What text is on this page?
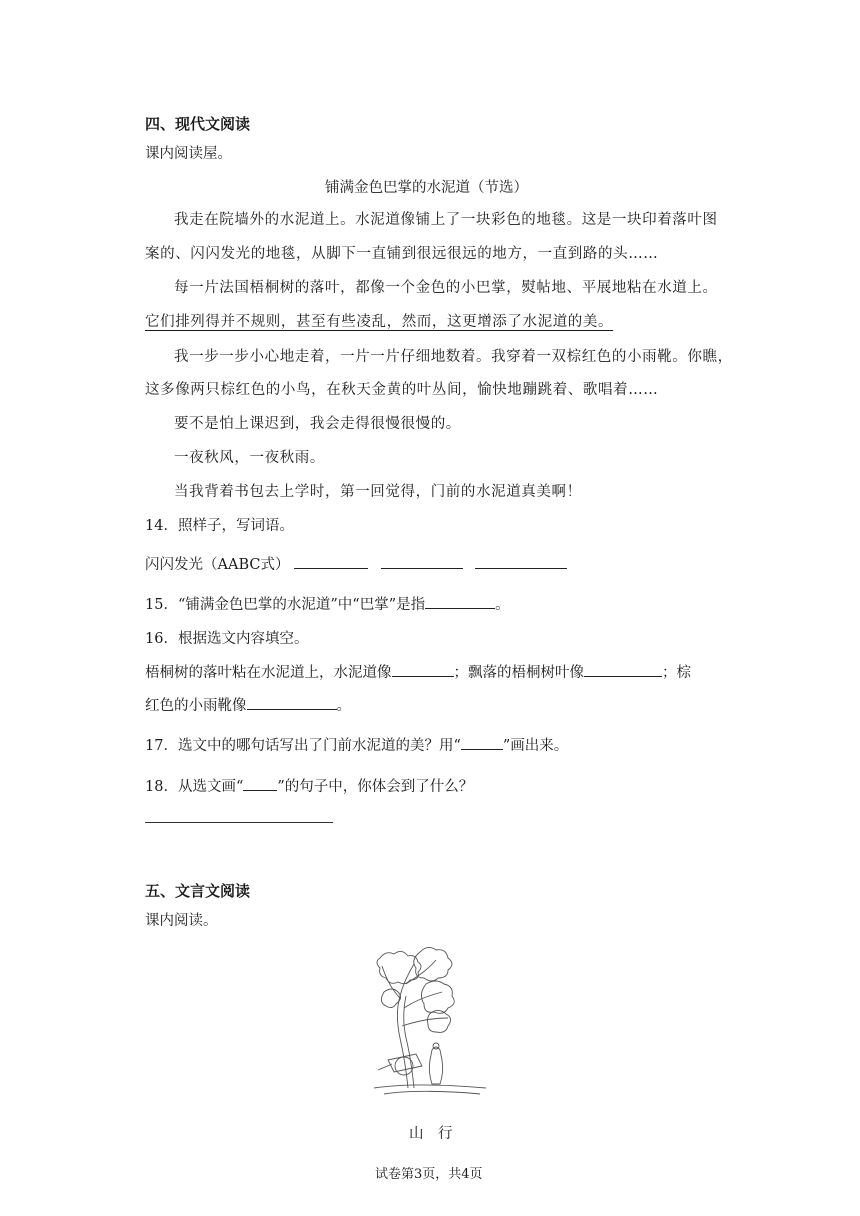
四、现代文阅读
课内阅读屋。
铺满金色巴掌的水泥道（节选）
我走在院墙外的水泥道上。水泥道像铺上了一块彩色的地毯。这是一块印着落叶图
案的、闪闪发光的地毯，从脚下一直铺到很远很远的地方，一直到路的头……
每一片法国梧桐树的落叶，都像一个金色的小巴掌，熨帖地、平展地粘在水道上。
它们排列得并不规则，甚至有些凌乱，然而，这更增添了水泥道的美。
我一步一步小心地走着，一片一片仔细地数着。我穿着一双棕红色的小雨靴。你瞧，
这多像两只棕红色的小鸟，在秋天金黄的叶丛间，愉快地蹦跳着、歌唱着……
要不是怕上课迟到，我会走得很慢很慢的。
一夜秋风，一夜秋雨。
当我背着书包去上学时，第一回觉得，门前的水泥道真美啊！
14．照样子，写词语。
闪闪发光（AABC式）
15．“铺满金色巴掌的水泥道”中“巴掌”是指	。
16．根据选文内容填空。
梧桐树的落叶粘在水泥道上，水泥道像	；飘落的梧桐树叶像	；棕
红色的小雨靴像	。
17．选文中的哪句话写出了门前水泥道的美？用“	”画出来。
18．从选文画“ ”的句子中，你体会到了什么？
五、文言文阅读
课内阅读。
山　行
试卷第3页，共4页
